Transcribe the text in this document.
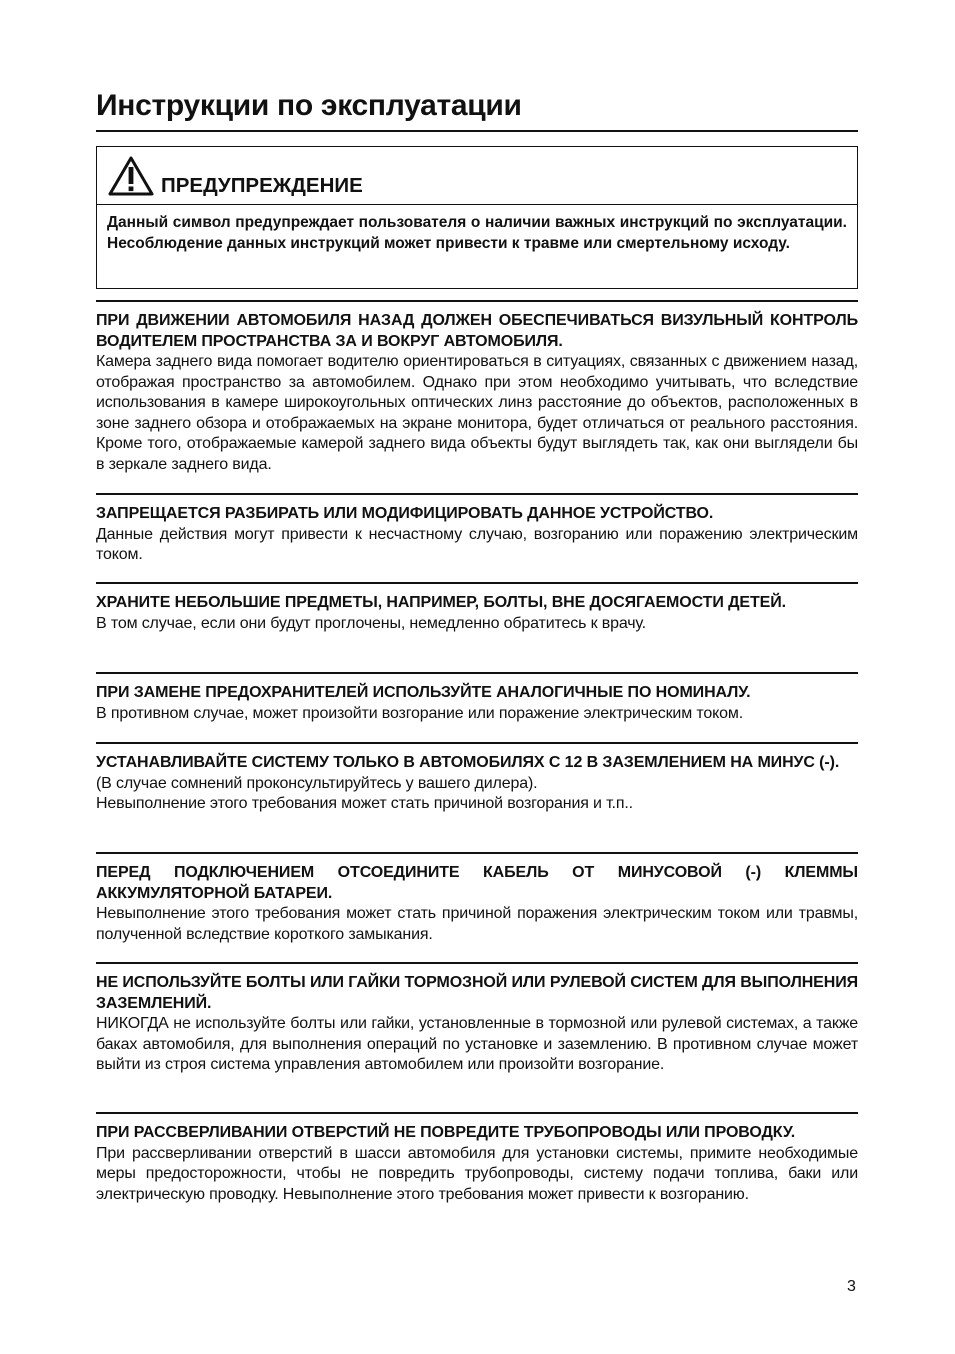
Инструкции по эксплуатации
ПРЕДУПРЕЖДЕНИЕ
Данный символ предупреждает пользователя о наличии важных инструкций по эксплуатации. Несоблюдение данных инструкций может привести к травме или смертельному исходу.
ПРИ ДВИЖЕНИИ АВТОМОБИЛЯ НАЗАД ДОЛЖЕН ОБЕСПЕЧИВАТЬСЯ ВИЗУЛЬНЫЙ КОНТРОЛЬ ВОДИТЕЛЕМ ПРОСТРАНСТВА ЗА И ВОКРУГ АВТОМОБИЛЯ.
Камера заднего вида помогает водителю ориентироваться в ситуациях, связанных с движением назад, отображая пространство за автомобилем. Однако при этом необходимо учитывать, что вследствие использования в камере широкоугольных оптических линз расстояние до объектов, расположенных в зоне заднего обзора и отображаемых на экране монитора, будет отличаться от реального расстояния. Кроме того, отображаемые камерой заднего вида объекты будут выглядеть так, как они выглядели бы в зеркале заднего вида.
ЗАПРЕЩАЕТСЯ РАЗБИРАТЬ ИЛИ МОДИФИЦИРОВАТЬ ДАННОЕ УСТРОЙСТВО.
Данные действия могут привести к несчастному случаю, возгоранию или поражению электрическим током.
ХРАНИТЕ НЕБОЛЬШИЕ ПРЕДМЕТЫ, НАПРИМЕР, БОЛТЫ, ВНЕ ДОСЯГАЕМОСТИ ДЕТЕЙ.
В том случае, если они будут проглочены, немедленно обратитесь к врачу.
ПРИ ЗАМЕНЕ ПРЕДОХРАНИТЕЛЕЙ ИСПОЛЬЗУЙТЕ АНАЛОГИЧНЫЕ ПО НОМИНАЛУ.
В противном случае, может произойти возгорание или поражение электрическим током.
УСТАНАВЛИВАЙТЕ СИСТЕМУ ТОЛЬКО В АВТОМОБИЛЯХ С 12 В ЗАЗЕМЛЕНИЕМ НА МИНУС (-).
(В случае сомнений проконсультируйтесь у вашего дилера).
Невыполнение этого требования может стать причиной возгорания и т.п..
ПЕРЕД ПОДКЛЮЧЕНИЕМ ОТСОЕДИНИТЕ КАБЕЛЬ ОТ МИНУСОВОЙ (-) КЛЕММЫ АККУМУЛЯТОРНОЙ БАТАРЕИ.
Невыполнение этого требования может стать причиной поражения электрическим током или травмы, полученной вследствие короткого замыкания.
НЕ ИСПОЛЬЗУЙТЕ БОЛТЫ ИЛИ ГАЙКИ ТОРМОЗНОЙ ИЛИ РУЛЕВОЙ СИСТЕМ ДЛЯ ВЫПОЛНЕНИЯ ЗАЗЕМЛЕНИЙ.
НИКОГДА не используйте болты или гайки, установленные в тормозной или рулевой системах, а также баках автомобиля, для выполнения операций по установке и заземлению. В противном случае может выйти из строя система управления автомобилем или произойти возгорание.
ПРИ РАССВЕРЛИВАНИИ ОТВЕРСТИЙ НЕ ПОВРЕДИТЕ ТРУБОПРОВОДЫ ИЛИ ПРОВОДКУ.
При рассверливании отверстий в шасси автомобиля для установки системы, примите необходимые меры предосторожности, чтобы не повредить трубопроводы, систему подачи топлива, баки или электрическую проводку. Невыполнение этого требования может привести к возгоранию.
3
